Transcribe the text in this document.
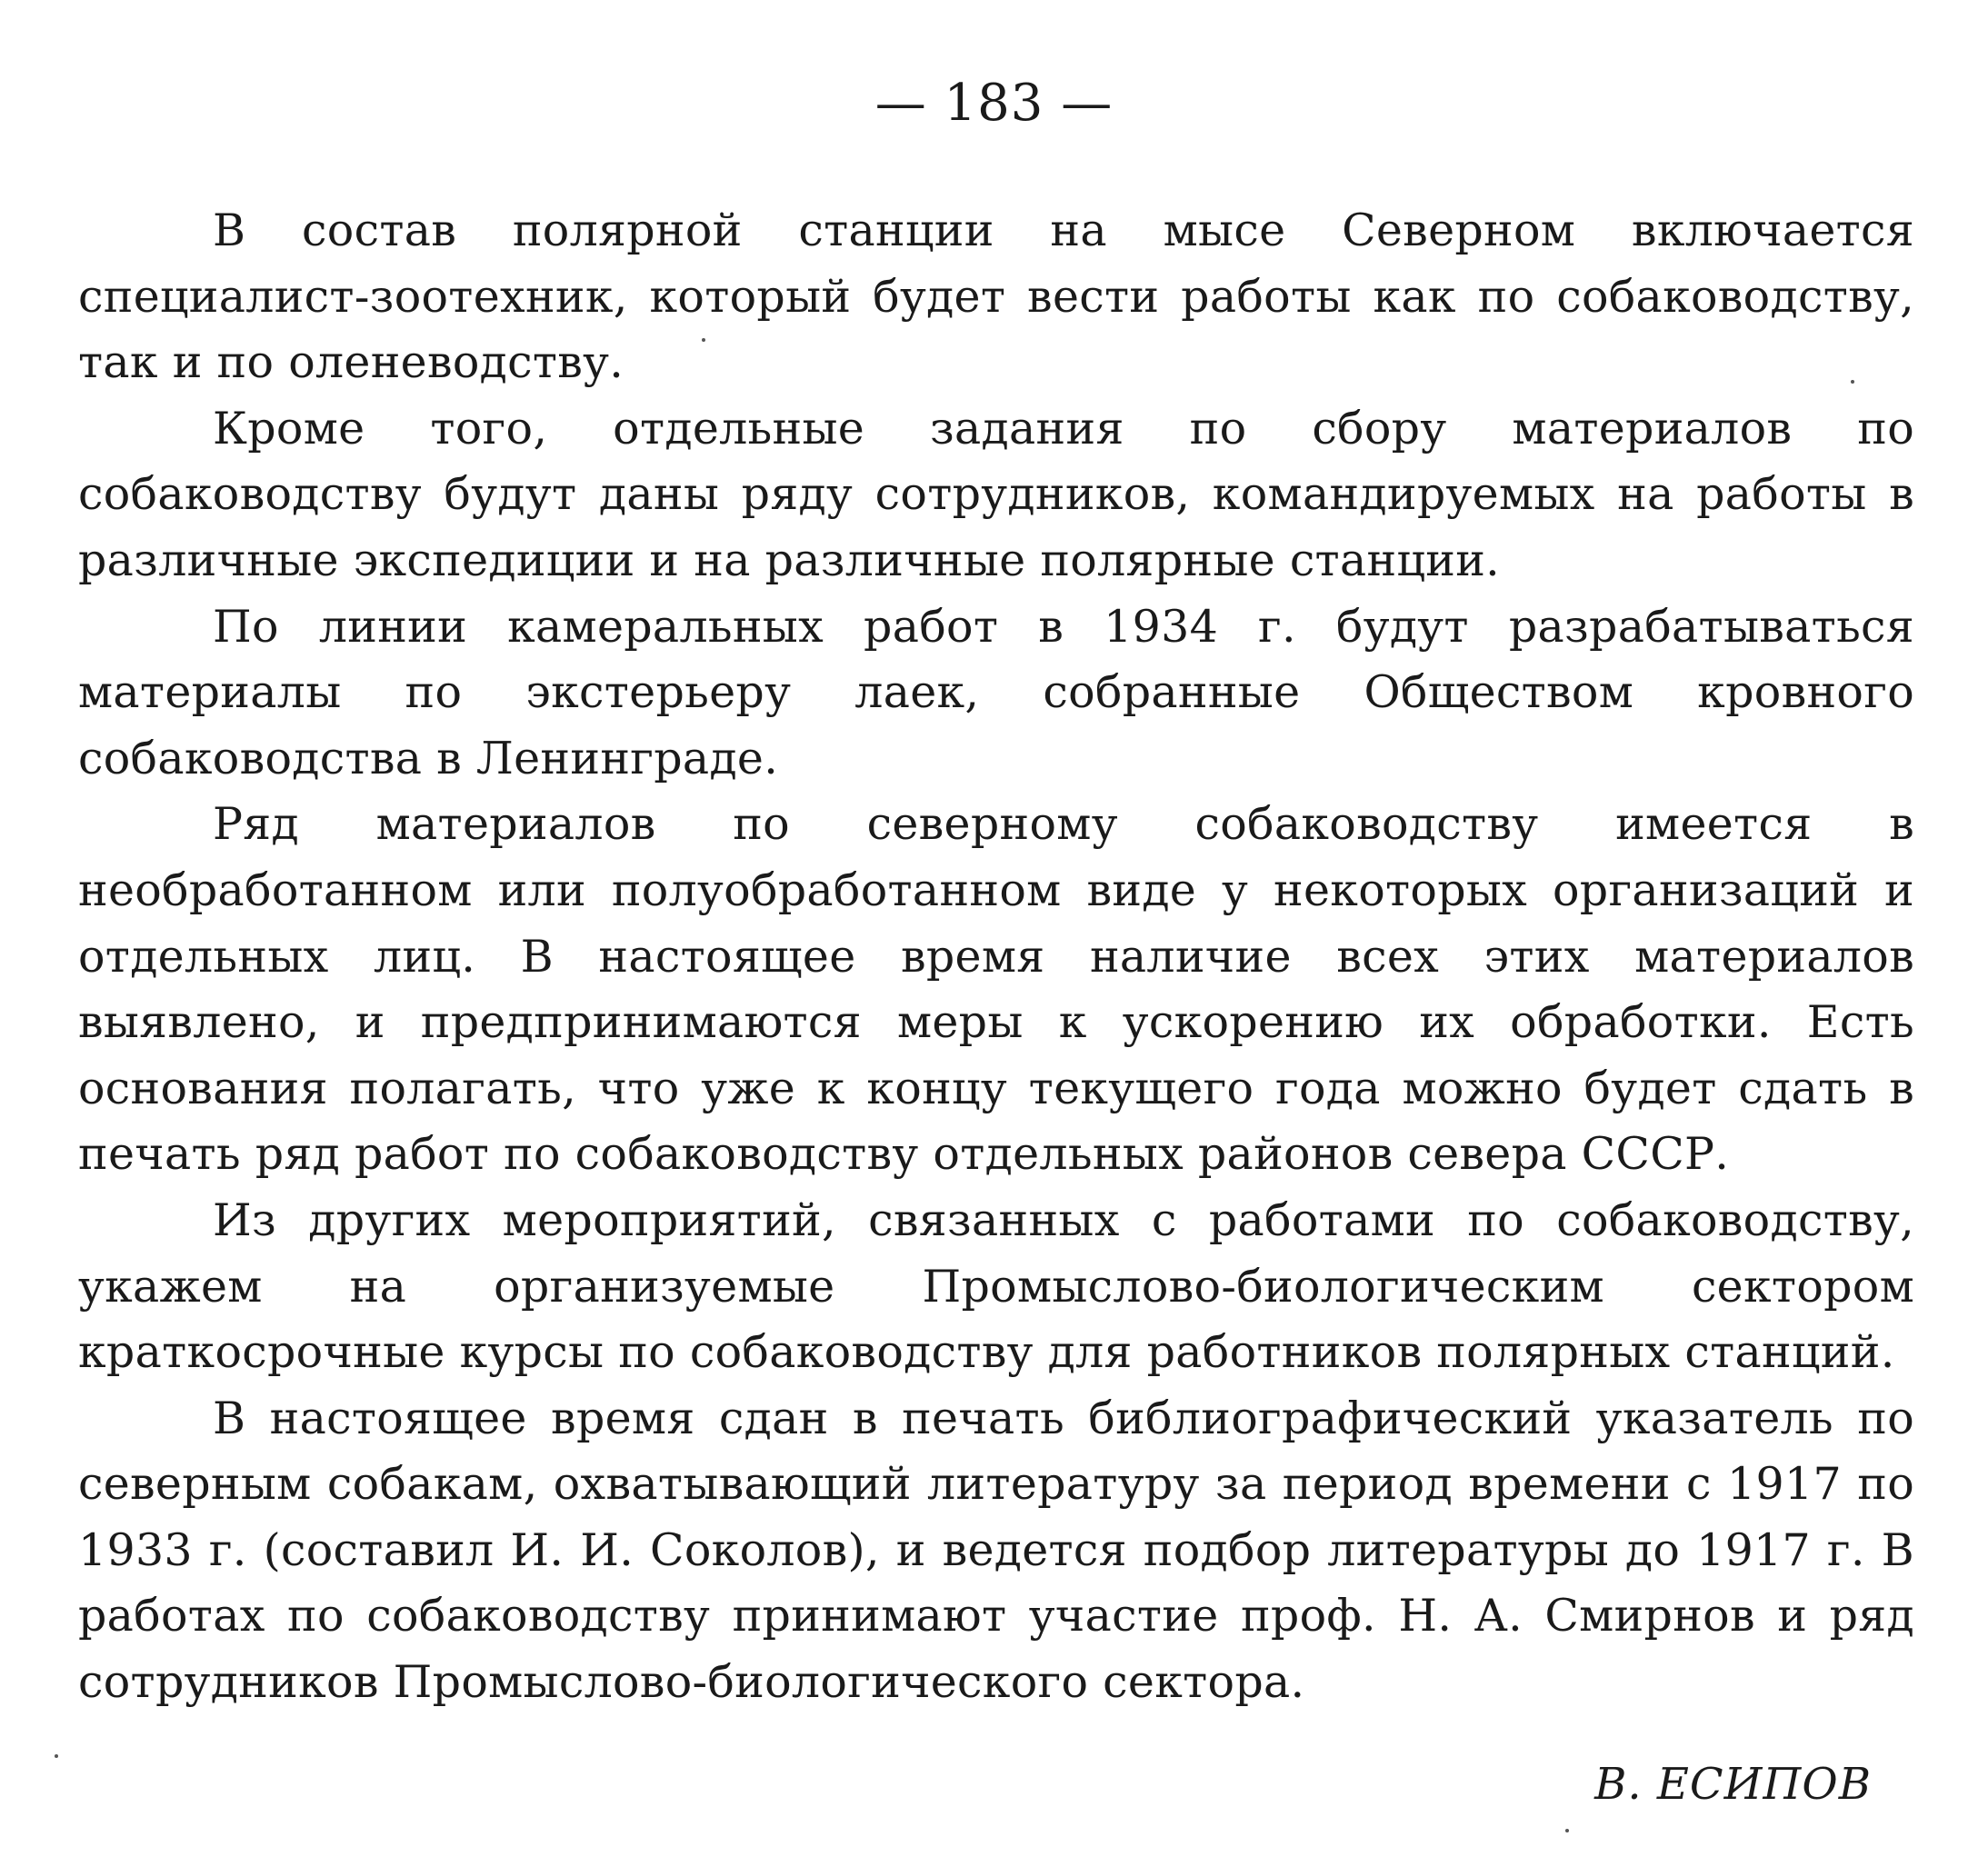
— 183 —

В состав полярной станции на мысе Северном включается специалист-зоотехник, который будет вести работы как по собаководству, так и по оленеводству.

Кроме того, отдельные задания по сбору материалов по собаководству будут даны ряду сотрудников, командируемых на работы в различные экспедиции и на различные полярные станции.

По линии камеральных работ в 1934 г. будут разрабатываться материалы по экстерьеру лаек, собранные Обществом кровного собаководства в Ленинграде.

Ряд материалов по северному собаководству имеется в необработанном или полуобработанном виде у некоторых организаций и отдельных лиц. В настоящее время наличие всех этих материалов выявлено, и предпринимаются меры к ускорению их обработки. Есть основания полагать, что уже к концу текущего года можно будет сдать в печать ряд работ по собаководству отдельных районов севера СССР.

Из других мероприятий, связанных с работами по собаководству, укажем на организуемые Промыслово-биологическим сектором краткосрочные курсы по собаководству для работников полярных станций.

В настоящее время сдан в печать библиографический указатель по северным собакам, охватывающий литературу за период времени с 1917 по 1933 г. (составил И. И. Соколов), и ведется подбор литературы до 1917 г. В работах по собаководству принимают участие проф. Н. А. Смирнов и ряд сотрудников Промыслово-биологического сектора.

В. ЕСИПОВ
